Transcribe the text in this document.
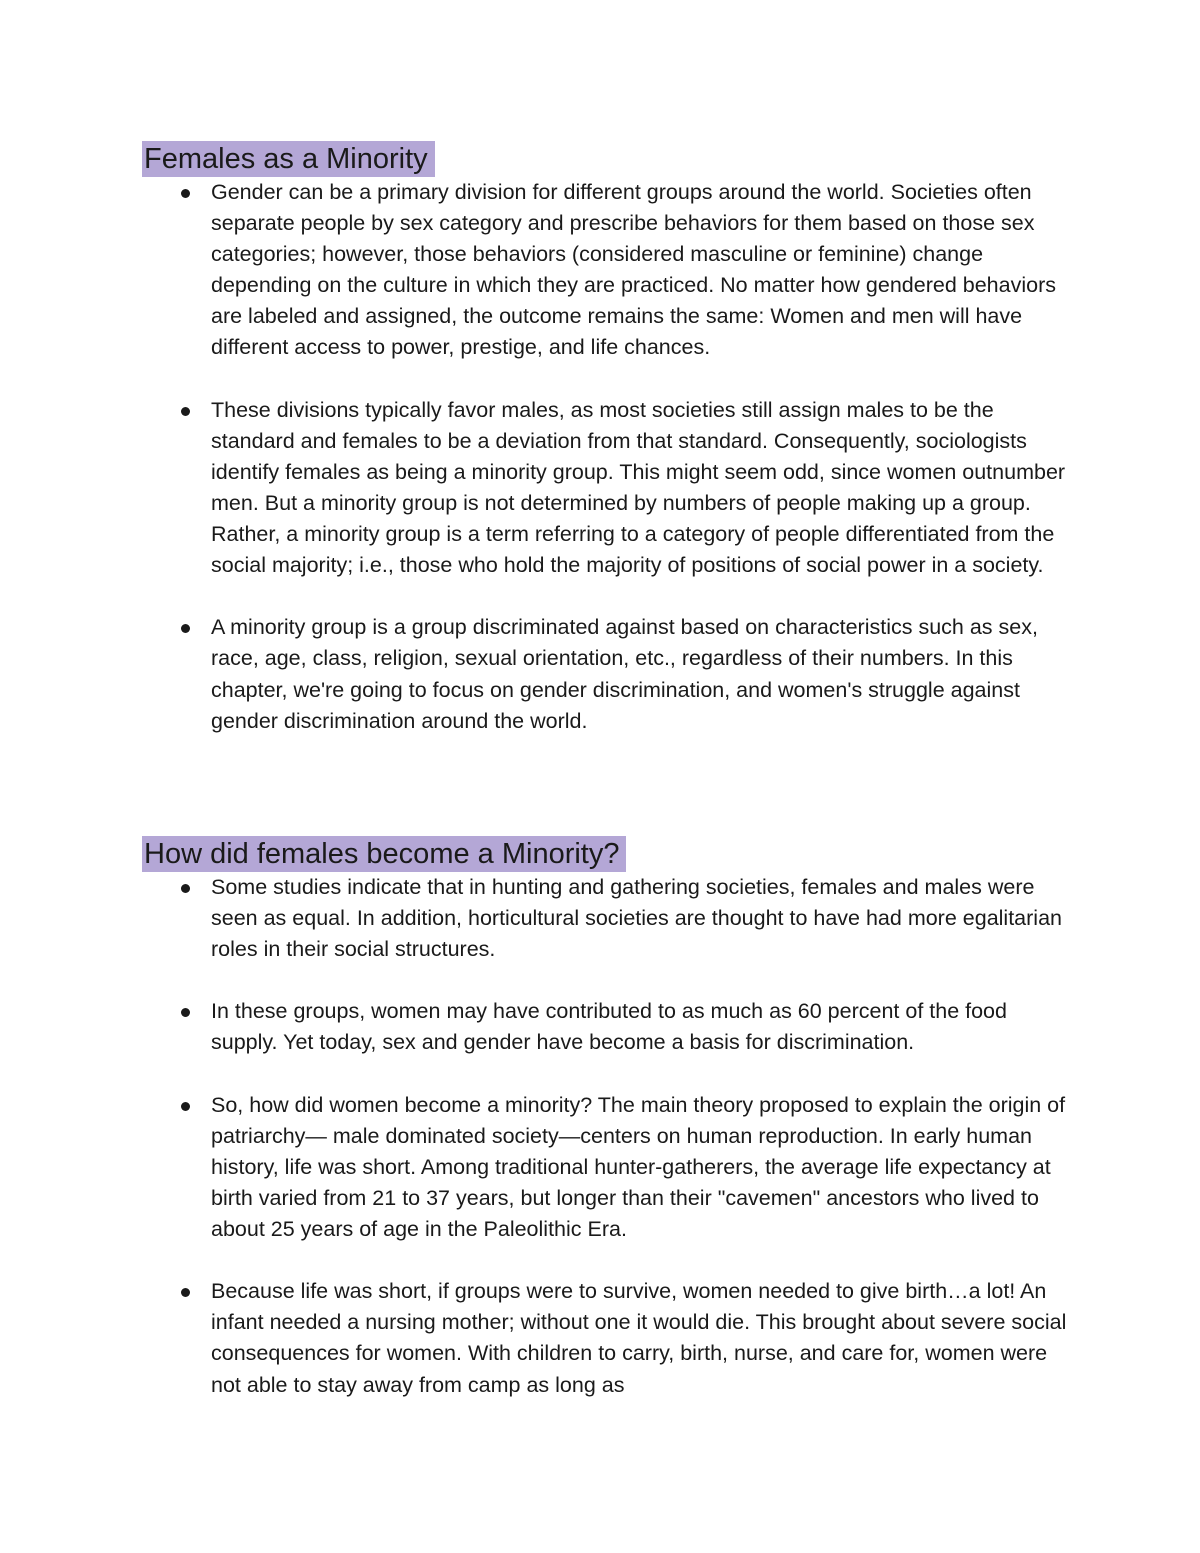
Females as a Minority
Gender can be a primary division for different groups around the world. Societies often separate people by sex category and prescribe behaviors for them based on those sex categories; however, those behaviors (considered masculine or feminine) change depending on the culture in which they are practiced. No matter how gendered behaviors are labeled and assigned, the outcome remains the same: Women and men will have different access to power, prestige, and life chances.
These divisions typically favor males, as most societies still assign males to be the standard and females to be a deviation from that standard. Consequently, sociologists identify females as being a minority group. This might seem odd, since women outnumber men. But a minority group is not determined by numbers of people making up a group. Rather, a minority group is a term referring to a category of people differentiated from the social majority; i.e., those who hold the majority of positions of social power in a society.
A minority group is a group discriminated against based on characteristics such as sex, race, age, class, religion, sexual orientation, etc., regardless of their numbers. In this chapter, we're going to focus on gender discrimination, and women's struggle against gender discrimination around the world.
How did females become a Minority?
Some studies indicate that in hunting and gathering societies, females and males were seen as equal. In addition, horticultural societies are thought to have had more egalitarian roles in their social structures.
In these groups, women may have contributed to as much as 60 percent of the food supply. Yet today, sex and gender have become a basis for discrimination.
So, how did women become a minority? The main theory proposed to explain the origin of patriarchy— male dominated society—centers on human reproduction. In early human history, life was short. Among traditional hunter-gatherers, the average life expectancy at birth varied from 21 to 37 years, but longer than their "cavemen" ancestors who lived to about 25 years of age in the Paleolithic Era.
Because life was short, if groups were to survive, women needed to give birth…a lot! An infant needed a nursing mother; without one it would die. This brought about severe social consequences for women. With children to carry, birth, nurse, and care for, women were not able to stay away from camp as long as
